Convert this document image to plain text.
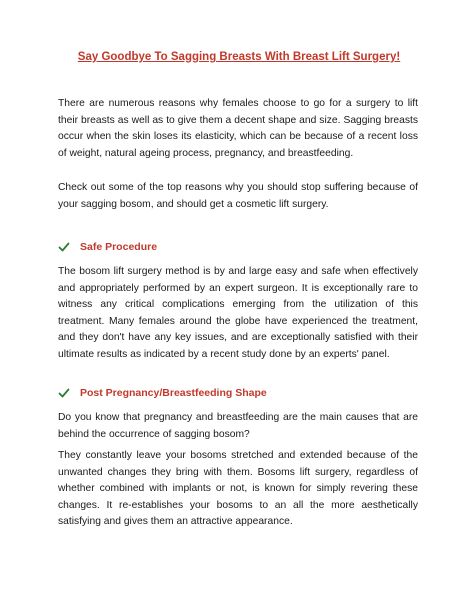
Say Goodbye To Sagging Breasts With Breast Lift Surgery!

There are numerous reasons why females choose to go for a surgery to lift their breasts as well as to give them a decent shape and size. Sagging breasts occur when the skin loses its elasticity, which can be because of a recent loss of weight, natural ageing process, pregnancy, and breastfeeding.

Check out some of the top reasons why you should stop suffering because of your sagging bosom, and should get a cosmetic lift surgery.

Safe Procedure

The bosom lift surgery method is by and large easy and safe when effectively and appropriately performed by an expert surgeon. It is exceptionally rare to witness any critical complications emerging from the utilization of this treatment. Many females around the globe have experienced the treatment, and they don't have any key issues, and are exceptionally satisfied with their ultimate results as indicated by a recent study done by an experts' panel.

Post Pregnancy/Breastfeeding Shape

Do you know that pregnancy and breastfeeding are the main causes that are behind the occurrence of sagging bosom?

They constantly leave your bosoms stretched and extended because of the unwanted changes they bring with them. Bosoms lift surgery, regardless of whether combined with implants or not, is known for simply revering these changes. It re-establishes your bosoms to an all the more aesthetically satisfying and gives them an attractive appearance.
